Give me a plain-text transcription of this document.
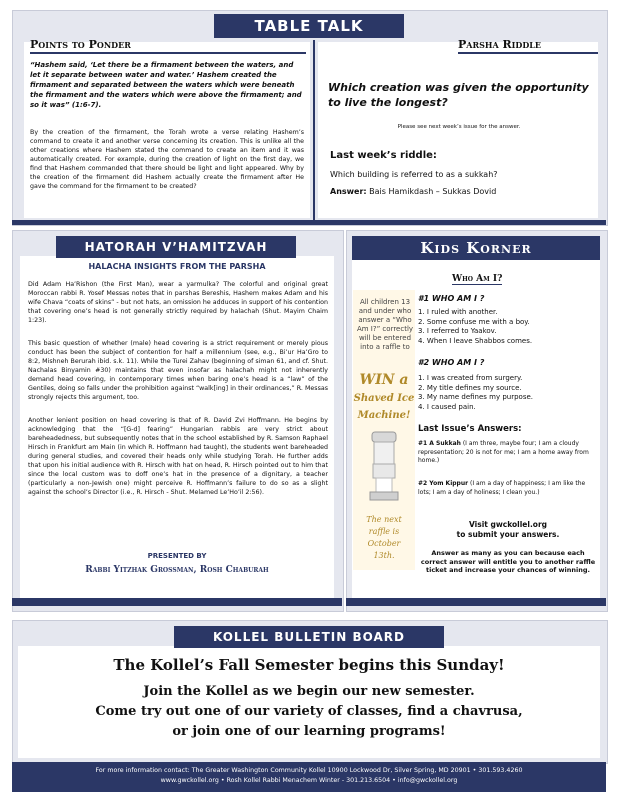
TABLE TALK
Points to Ponder

“Hashem said, ‘Let there be a firmament between the waters, and let it separate between water and water.’ Hashem created the firmament and separated between the waters which were beneath the firmament and the waters which were above the firmament; and so it was” (1:6-7).

By the creation of the firmament, the Torah wrote a verse relating Hashem’s command to create it and another verse concerning its creation. This is unlike all the other creations where Hashem stated the command to create an item and it was automatically created. For example, during the creation of light on the first day, we find that Hashem commanded that there should be light and light appeared. Why by the creation of the firmament did Hashem actually create the firmament after He gave the command for the firmament to be created?

Parsha Riddle

Which creation was given the opportunity to live the longest?

Please see next week’s issue for the answer.

Last week’s riddle:

Which building is referred to as a sukkah?

Answer: Bais Hamikdash – Sukkas Dovid

HATORAH V’HAMITZVAH
HALACHA INSIGHTS FROM THE PARSHA

Did Adam Ha’Rishon (the First Man), wear a yarmulka? The colorful and original great Moroccan rabbi R. Yosef Messas notes that in parshas Bereshis, Hashem makes Adam and his wife Chava “coats of skins” - but not hats, an omission he adduces in support of his contention that covering one’s head is not generally strictly required by halachah (Shut. Mayim Chaim 1:23).

This basic question of whether (male) head covering is a strict requirement or merely pious conduct has been the subject of contention for half a millennium (see, e.g., Bi’ur Ha’Gro to 8:2, Mishneh Berurah ibid. s.k. 11). While the Turei Zahav (beginning of siman 61, and cf. Shut. Nachalas Binyamin #30) maintains that even insofar as halachah might not inherently demand head covering, in contemporary times when baring one’s head is a “law” of the Gentiles, doing so falls under the prohibition against “walk[ing] in their ordinances,” R. Messas strongly rejects this argument, too.

Another lenient position on head covering is that of R. David Zvi Hoffmann. He begins by acknowledging that the “[G-d] fearing” Hungarian rabbis are very strict about bareheadedness, but subsequently notes that in the school established by R. Samson Raphael Hirsch in Frankfurt am Main (in which R. Hoffmann had taught), the students went bareheaded during general studies, and covered their heads only while studying Torah. He further adds that upon his initial audience with R. Hirsch with hat on head, R. Hirsch pointed out to him that since the local custom was to doff one’s hat in the presence of a dignitary, a teacher (particularly a non-Jewish one) might perceive R. Hoffmann’s failure to do so as a slight against the school’s Director (i.e., R. Hirsch - Shut. Melamed Le’Ho’il 2:56).

PRESENTED BY
Rabbi Yitzhak Grossman, Rosh Chaburah
Kids Korner

All children 13 and under who answer a “Who Am I?” correctly will be entered into a raffle to

WIN a
Shaved Ice
Machine!

The next raffle is October 13th.

Who Am I?
#1 WHO AM I ?
1. I ruled with another.
2. Some confuse me with a boy.
3. I referred to Yaakov.
4. When I leave Shabbos comes.
#2 WHO AM I ?
1. I was created from surgery.
2. My title defines my source.
3. My name defines my purpose.
4. I caused pain.
Last Issue’s Answers:

#1 A Sukkah (I am three, maybe four; I am a cloudy representation; 20 is not for me; I am a home away from home.)

#2 Yom Kippur (I am a day of happiness; I am like the lots; I am a day of holiness; I clean you.)

Visit gwckollel.org
to submit your answers.

Answer as many as you can because each correct answer will entitle you to another raffle ticket and increase your chances of winning.

KOLLEL BULLETIN BOARD
The Kollel’s Fall Semester begins this Sunday!
Join the Kollel as we begin our new semester.
Come try out one of our variety of classes, find a chavrusa,
or join one of our learning programs!
For more information contact: The Greater Washington Community Kollel 10900 Lockwood Dr, Silver Spring, MD 20901 • 301.593.4260
www.gwckollel.org • Rosh Kollel Rabbi Menachem Winter - 301.213.6504 • info@gwckollel.org
